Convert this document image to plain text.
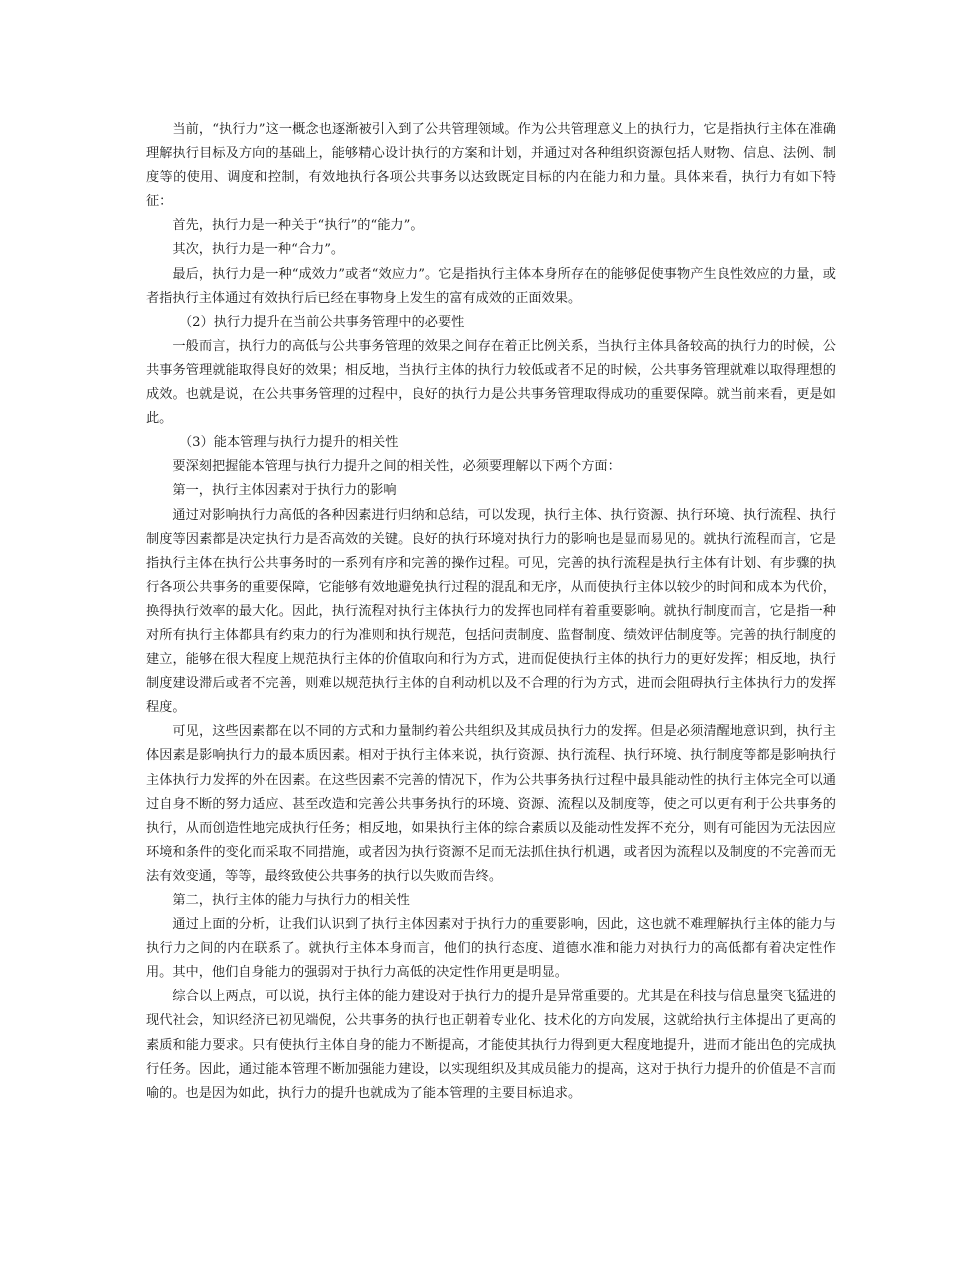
当前，“执行力”这一概念也逐渐被引入到了公共管理领域。作为公共管理意义上的执行力，它是指执行主体在准确理解执行目标及方向的基础上，能够精心设计执行的方案和计划，并通过对各种组织资源包括人财物、信息、法例、制度等的使用、调度和控制，有效地执行各项公共事务以达致既定目标的内在能力和力量。具体来看，执行力有如下特征：

首先，执行力是一种关于“执行”的“能力”。

其次，执行力是一种“合力”。

最后，执行力是一种“成效力”或者“效应力”。它是指执行主体本身所存在的能够促使事物产生良性效应的力量，或者指执行主体通过有效执行后已经在事物身上发生的富有成效的正面效果。

（2）执行力提升在当前公共事务管理中的必要性

一般而言，执行力的高低与公共事务管理的效果之间存在着正比例关系，当执行主体具备较高的执行力的时候，公共事务管理就能取得良好的效果；相反地，当执行主体的执行力较低或者不足的时候，公共事务管理就难以取得理想的成效。也就是说，在公共事务管理的过程中，良好的执行力是公共事务管理取得成功的重要保障。就当前来看，更是如此。

（3）能本管理与执行力提升的相关性

要深刻把握能本管理与执行力提升之间的相关性，必须要理解以下两个方面：

第一，执行主体因素对于执行力的影响

通过对影响执行力高低的各种因素进行归纳和总结，可以发现，执行主体、执行资源、执行环境、执行流程、执行制度等因素都是决定执行力是否高效的关键。良好的执行环境对执行力的影响也是显而易见的。就执行流程而言，它是指执行主体在执行公共事务时的一系列有序和完善的操作过程。可见，完善的执行流程是执行主体有计划、有步骤的执行各项公共事务的重要保障，它能够有效地避免执行过程的混乱和无序，从而使执行主体以较少的时间和成本为代价，换得执行效率的最大化。因此，执行流程对执行主体执行力的发挥也同样有着重要影响。就执行制度而言，它是指一种对所有执行主体都具有约束力的行为准则和执行规范，包括问责制度、监督制度、绩效评估制度等。完善的执行制度的建立，能够在很大程度上规范执行主体的价值取向和行为方式，进而促使执行主体的执行力的更好发挥；相反地，执行制度建设滞后或者不完善，则难以规范执行主体的自利动机以及不合理的行为方式，进而会阻碍执行主体执行力的发挥程度。

可见，这些因素都在以不同的方式和力量制约着公共组织及其成员执行力的发挥。但是必须清醒地意识到，执行主体因素是影响执行力的最本质因素。相对于执行主体来说，执行资源、执行流程、执行环境、执行制度等都是影响执行主体执行力发挥的外在因素。在这些因素不完善的情况下，作为公共事务执行过程中最具能动性的执行主体完全可以通过自身不断的努力适应、甚至改造和完善公共事务执行的环境、资源、流程以及制度等，使之可以更有利于公共事务的执行，从而创造性地完成执行任务；相反地，如果执行主体的综合素质以及能动性发挥不充分，则有可能因为无法因应环境和条件的变化而采取不同措施，或者因为执行资源不足而无法抓住执行机遇，或者因为流程以及制度的不完善而无法有效变通，等等，最终致使公共事务的执行以失败而告终。

第二，执行主体的能力与执行力的相关性

通过上面的分析，让我们认识到了执行主体因素对于执行力的重要影响，因此，这也就不难理解执行主体的能力与执行力之间的内在联系了。就执行主体本身而言，他们的执行态度、道德水准和能力对执行力的高低都有着决定性作用。其中，他们自身能力的强弱对于执行力高低的决定性作用更是明显。

综合以上两点，可以说，执行主体的能力建设对于执行力的提升是异常重要的。尤其是在科技与信息量突飞猛进的现代社会，知识经济已初见端倪，公共事务的执行也正朝着专业化、技术化的方向发展，这就给执行主体提出了更高的素质和能力要求。只有使执行主体自身的能力不断提高，才能使其执行力得到更大程度地提升，进而才能出色的完成执行任务。因此，通过能本管理不断加强能力建设，以实现组织及其成员能力的提高，这对于执行力提升的价值是不言而喻的。也是因为如此，执行力的提升也就成为了能本管理的主要目标追求。
